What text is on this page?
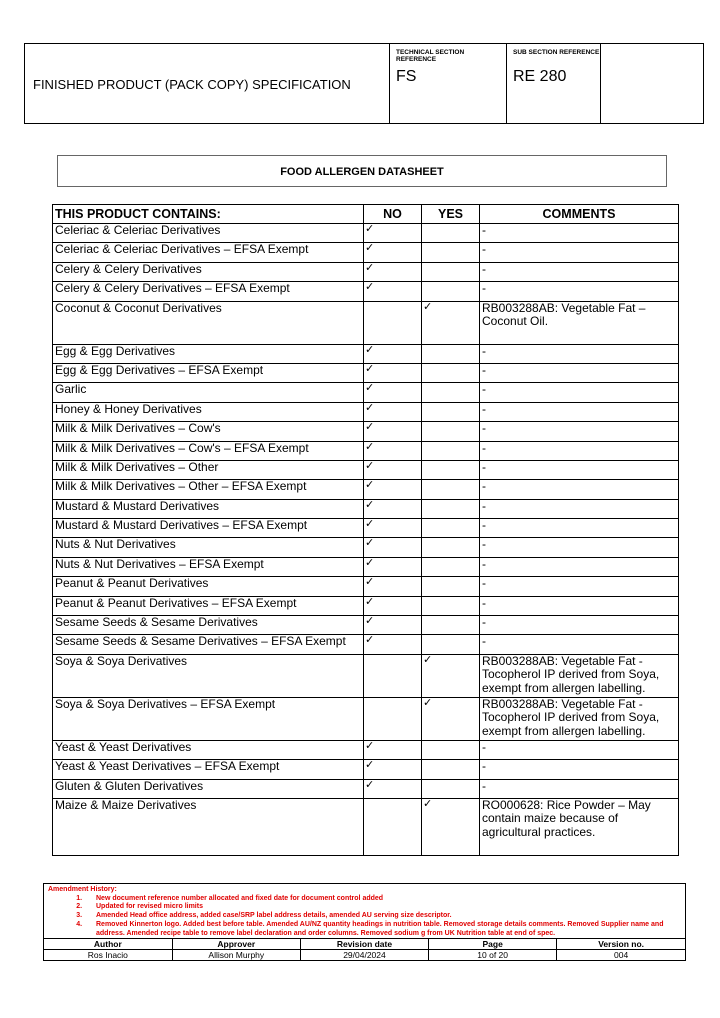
FINISHED PRODUCT (PACK COPY) SPECIFICATION
TECHNICAL SECTION REFERENCE
FS
SUB SECTION REFERENCE
RE 280
FOOD ALLERGEN DATASHEET
THIS PRODUCT CONTAINS:	NO	YES	COMMENTS
Celeriac & Celeriac Derivatives	✓		-
Celeriac & Celeriac Derivatives – EFSA Exempt	✓		-
Celery & Celery Derivatives	✓		-
Celery & Celery Derivatives – EFSA Exempt	✓		-
Coconut & Coconut Derivatives		✓	RB003288AB: Vegetable Fat – Coconut Oil.
Egg & Egg Derivatives	✓		-
Egg & Egg Derivatives – EFSA Exempt	✓		-
Garlic	✓		-
Honey & Honey Derivatives	✓		-
Milk & Milk Derivatives – Cow's	✓		-
Milk & Milk Derivatives – Cow's – EFSA Exempt	✓		-
Milk & Milk Derivatives – Other	✓		-
Milk & Milk Derivatives – Other – EFSA Exempt	✓		-
Mustard & Mustard Derivatives	✓		-
Mustard & Mustard Derivatives – EFSA Exempt	✓		-
Nuts & Nut Derivatives	✓		-
Nuts & Nut Derivatives – EFSA Exempt	✓		-
Peanut & Peanut Derivatives	✓		-
Peanut & Peanut Derivatives – EFSA Exempt	✓		-
Sesame Seeds & Sesame Derivatives	✓		-
Sesame Seeds & Sesame Derivatives – EFSA Exempt	✓		-
Soya & Soya Derivatives		✓	RB003288AB: Vegetable Fat - Tocopherol IP derived from Soya, exempt from allergen labelling.
Soya & Soya Derivatives – EFSA Exempt		✓	RB003288AB: Vegetable Fat - Tocopherol IP derived from Soya, exempt from allergen labelling.
Yeast & Yeast Derivatives	✓		-
Yeast & Yeast Derivatives – EFSA Exempt	✓		-
Gluten & Gluten Derivatives	✓		-
Maize & Maize Derivatives		✓	RO000628: Rice Powder – May contain maize because of agricultural practices.
Amendment History:
1. New document reference number allocated and fixed date for document control added
2. Updated for revised micro limits
3. Amended Head office address, added case/SRP label address details, amended AU serving size descriptor.
4. Removed Kinnerton logo. Added best before table. Amended AU/NZ quantity headings in nutrition table. Removed storage details comments. Removed Supplier name and address. Amended recipe table to remove label declaration and order columns. Removed sodium g from UK Nutrition table at end of spec.
Author	Approver	Revision date	Page	Version no.
Ros Inacio	Allison Murphy	29/04/2024	10 of 20	004
